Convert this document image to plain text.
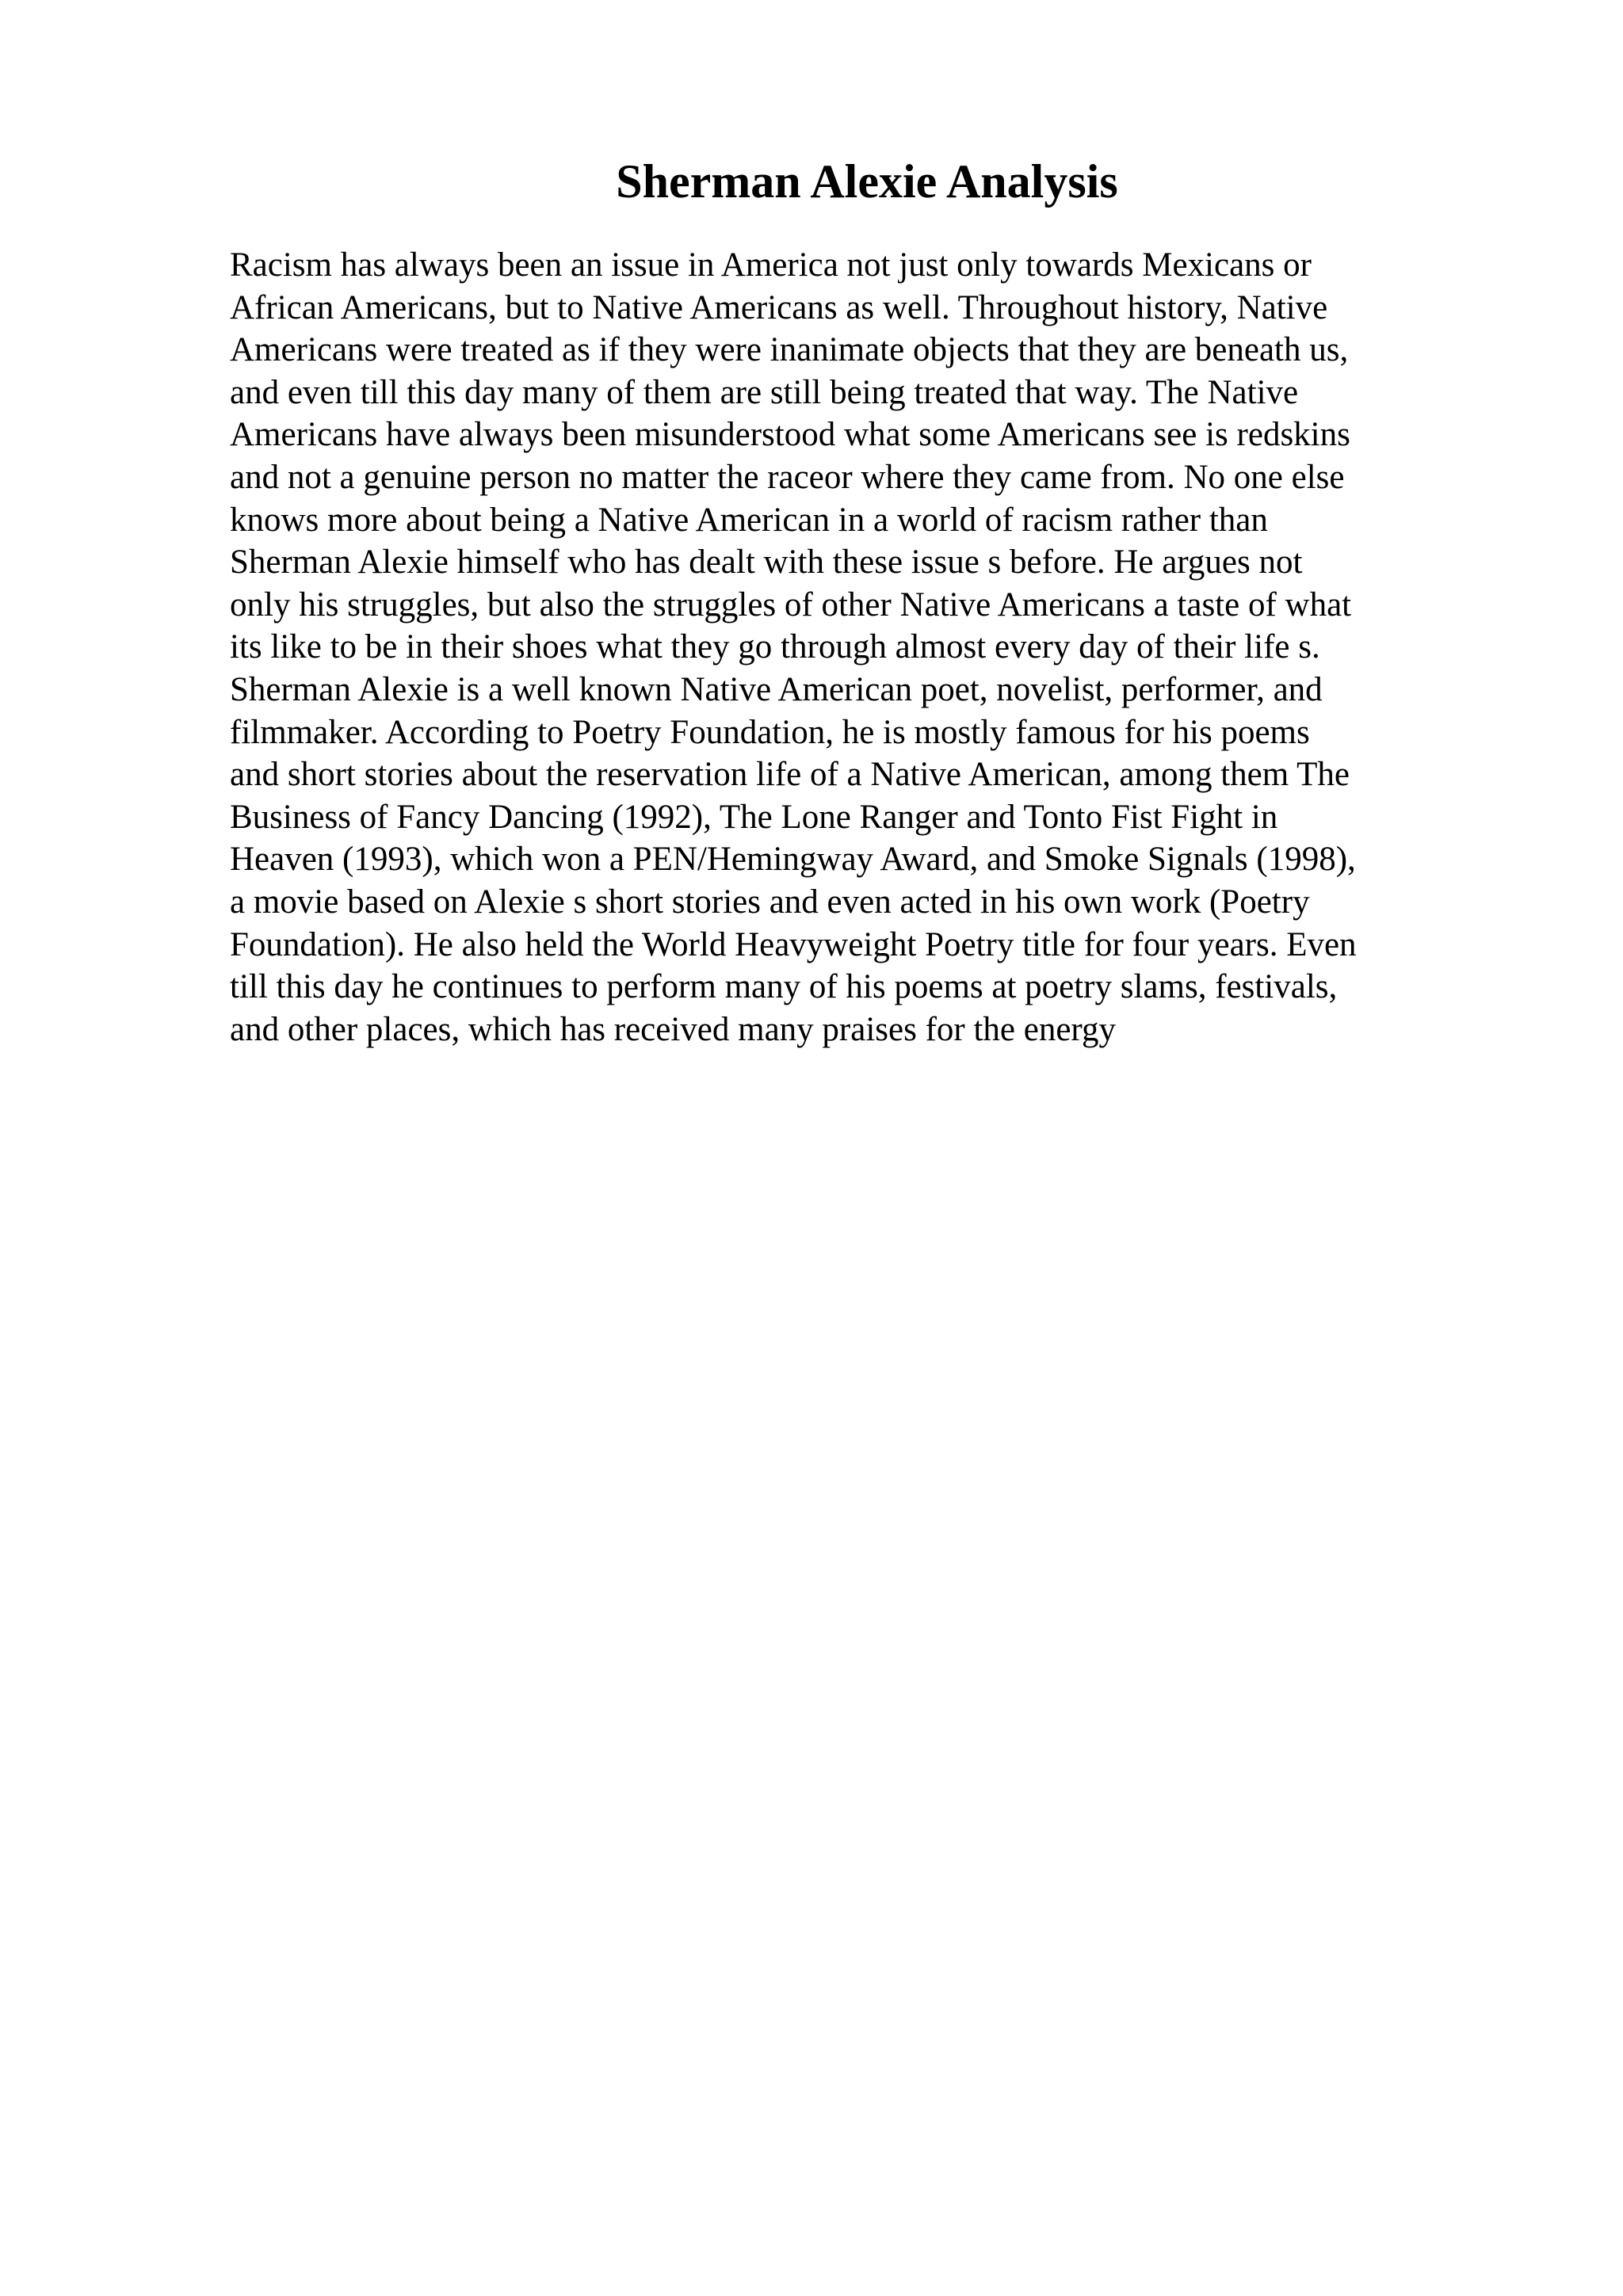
Sherman Alexie Analysis
Racism has always been an issue in America not just only towards Mexicans or
African Americans, but to Native Americans as well. Throughout history, Native
Americans were treated as if they were inanimate objects that they are beneath us,
and even till this day many of them are still being treated that way. The Native
Americans have always been misunderstood what some Americans see is redskins
and not a genuine person no matter the raceor where they came from. No one else
knows more about being a Native American in a world of racism rather than
Sherman Alexie himself who has dealt with these issue s before. He argues not
only his struggles, but also the struggles of other Native Americans a taste of what
its like to be in their shoes what they go through almost every day of their life s.
Sherman Alexie is a well known Native American poet, novelist, performer, and
filmmaker. According to Poetry Foundation, he is mostly famous for his poems
and short stories about the reservation life of a Native American, among them The
Business of Fancy Dancing (1992), The Lone Ranger and Tonto Fist Fight in
Heaven (1993), which won a PEN/Hemingway Award, and Smoke Signals (1998),
a movie based on Alexie s short stories and even acted in his own work (Poetry
Foundation). He also held the World Heavyweight Poetry title for four years. Even
till this day he continues to perform many of his poems at poetry slams, festivals,
and other places, which has received many praises for the energy
